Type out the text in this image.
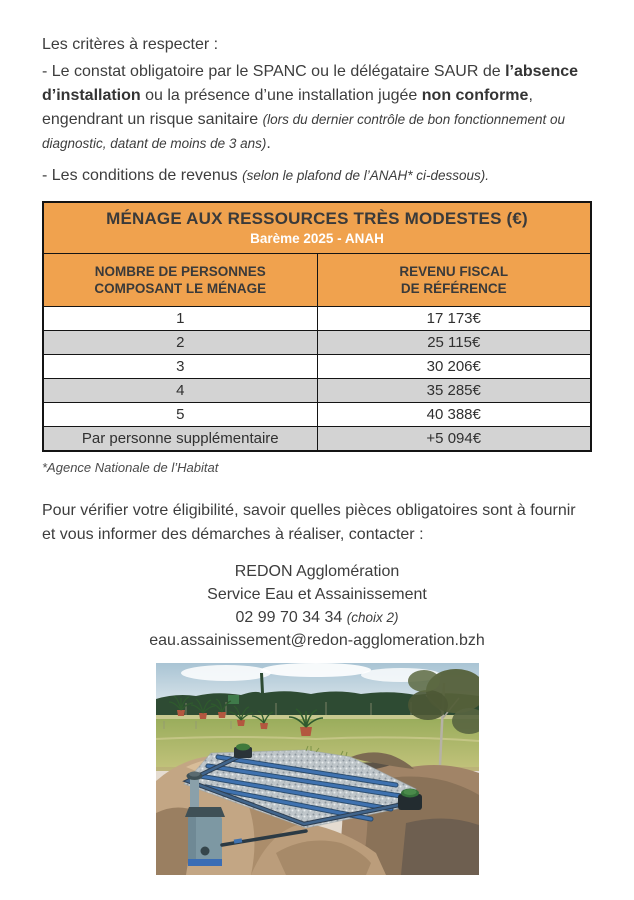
Les critères à respecter :

- Le constat obligatoire par le SPANC ou le délégataire SAUR de l’absence d’installation ou la présence d’une installation jugée non conforme, engendrant un risque sanitaire (lors du dernier contrôle de bon fonctionnement ou diagnostic, datant de moins de 3 ans).

- Les conditions de revenus (selon le plafond de l’ANAH* ci-dessous).

MÉNAGE AUX RESSOURCES TRÈS MODESTES (€)
Barème 2025 - ANAH	

NOMBRE DE PERSONNES
COMPOSANT LE MÉNAGE

REVENU FISCAL
DE RÉFÉRENCE

1	17 173€
2	25 115€
3	30 206€
4	35 285€
5	40 388€
Par personne supplémentaire	+5 094€
*Agence Nationale de l’Habitat

Pour vérifier votre éligibilité, savoir quelles pièces obligatoires sont à fournir et vous informer des démarches à réaliser, contacter :

REDON Agglomération
Service Eau et Assainissement
02 99 70 34 34 (choix 2)
eau.assainissement@redon-agglomeration.bzh
